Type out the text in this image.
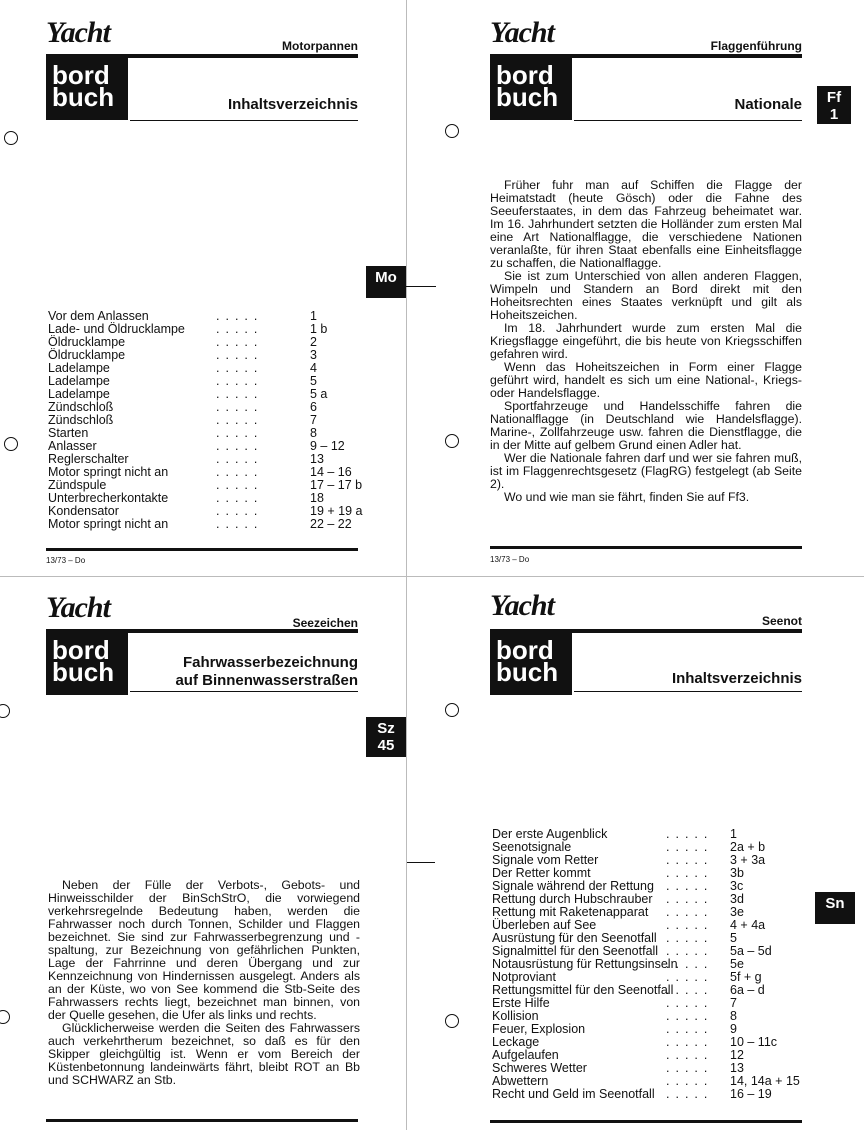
Yacht	Motorpannen
bord
buch	Inhaltsverzeichnis
Mo
Vor dem Anlassen	.....	1
Lade- und Öldrucklampe .....	1 b
Öldrucklampe	.....	2
Öldrucklampe	.....	3
Ladelampe	.....	4
Ladelampe	.....	5
Ladelampe	.....	5 a
Zündschloß	.....	6
Zündschloß	.....	7
Starten	.....	8
Anlasser	.....	9 – 12
Reglerschalter	.....	13
Motor springt nicht an	.....	14 – 16
Zündspule	.....	17 – 17 b
Unterbrecherkontakte	.....	18
Kondensator	.....	19 + 19 a
Motor springt nicht an	.....	22 – 22
13/73 – Do
Yacht	Flaggenführung
bord
buch	Nationale	Ff
1

Früher fuhr man auf Schiffen die Flagge der Heimatstadt (heute Gösch) oder die Fahne des Seeuferstaates, in dem das Fahrzeug beheimatet war. Im 16. Jahrhundert setzten die Holländer zum ersten Mal eine Art Nationalflagge, die verschiedene Nationen veranlaßte, für ihren Staat ebenfalls eine Einheitsflagge zu schaffen, die Nationalflagge.

Sie ist zum Unterschied von allen anderen Flaggen, Wimpeln und Standern an Bord direkt mit den Hoheitsrechten eines Staates verknüpft und gilt als Hoheitszeichen.

Im 18. Jahrhundert wurde zum ersten Mal die Kriegsflagge eingeführt, die bis heute von Kriegsschiffen gefahren wird.

Wenn das Hoheitszeichen in Form einer Flagge geführt wird, handelt es sich um eine National-, Kriegs- oder Handelsflagge.

Sportfahrzeuge und Handelsschiffe fahren die Nationalflagge (in Deutschland wie Handelsflagge). Marine-, Zollfahrzeuge usw. fahren die Dienstflagge, die in der Mitte auf gelbem Grund einen Adler hat.

Wer die Nationale fahren darf und wer sie fahren muß, ist im Flaggenrechtsgesetz (FlagRG) festgelegt (ab Seite 2).

Wo und wie man sie fährt, finden Sie auf Ff3.

13/73 – Do
Yacht	Seezeichen
bord
buch	Fahrwasserbezeichnung
auf Binnenwasserstraßen
Sz
45

Neben der Fülle der Verbots-, Gebots- und Hinweisschilder der BinSchStrO, die vorwiegend verkehrsregelnde Bedeutung haben, werden die Fahrwasser noch durch Tonnen, Schilder und Flaggen bezeichnet. Sie sind zur Fahrwasserbegrenzung und -spaltung, zur Bezeichnung von gefährlichen Punkten, Lage der Fahrrinne und deren Übergang und zur Kennzeichnung von Hindernissen ausgelegt. Anders als an der Küste, wo von See kommend die Stb-Seite des Fahrwassers rechts liegt, bezeichnet man binnen, von der Quelle gesehen, die Ufer als links und rechts.

Glücklicherweise werden die Seiten des Fahrwassers auch verkehrtherum bezeichnet, so daß es für den Skipper gleichgültig ist. Wenn er vom Bereich der Küstenbetonnung landeinwärts fährt, bleibt ROT an Bb und SCHWARZ an Stb.

Yacht	Seenot
bord
buch	Inhaltsverzeichnis
Sn
Der erste Augenblick	..... 1
Seenotsignale	..... 2a + b
Signale vom Retter	..... 3 + 3a
Der Retter kommt	..... 3b
Signale während der Rettung ..... 3c
Rettung durch Hubschrauber ..... 3d
Rettung mit Raketenapparat ..... 3e
Überleben auf See	..... 4 + 4a
Ausrüstung für den Seenotfall ..... 5
Signalmittel für den Seenotfall ..... 5a – 5d
Notausrüstung für Rettungsinseln
..... 5e
Notproviant	..... 5f + g
Rettungsmittel für den Seenotfall
..... 6a – d
Erste Hilfe	..... 7
Kollision	..... 8
Feuer, Explosion	..... 9
Leckage	..... 10 – 11c
Aufgelaufen	..... 12
Schweres Wetter	..... 13
Abwettern	..... 14, 14a + 15
Recht und Geld im Seenotfall ..... 16 – 19
